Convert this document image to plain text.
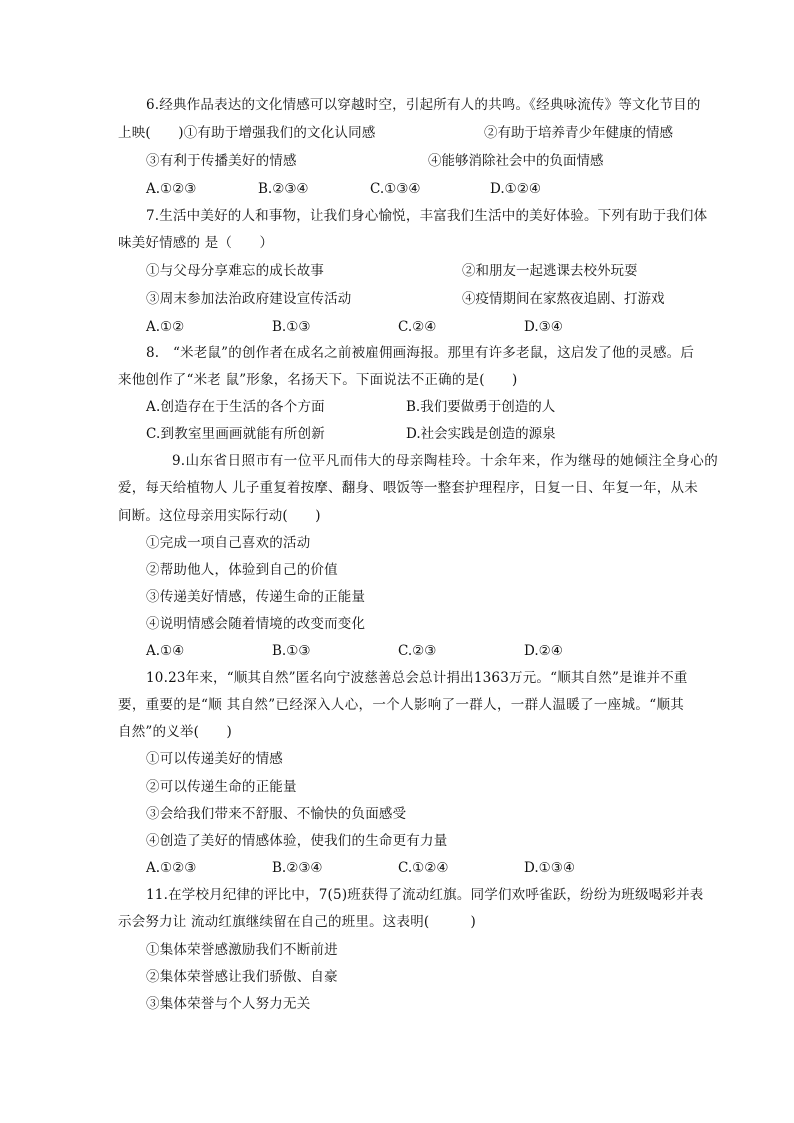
6.经典作品表达的文化情感可以穿越时空，引起所有人的共鸣。《经典咏流传》等文化节目的
上映(　　)①有助于增强我们的文化认同感	②有助于培养青少年健康的情感
③有利于传播美好的情感	④能够消除社会中的负面情感
A.①②③	B.②③④	C.①③④	D.①②④
7.生活中美好的人和事物，让我们身心愉悦，丰富我们生活中的美好体验。下列有助于我们体
味美好情感的 是（　　）
①与父母分享难忘的成长故事	②和朋友一起逃课去校外玩耍
③周末参加法治政府建设宣传活动	④疫情期间在家熬夜追剧、打游戏
A.①②	B.①③	C.②④	D.③④
8.　“米老鼠”的创作者在成名之前被雇佣画海报。那里有许多老鼠，这启发了他的灵感。后
来他创作了“米老 鼠”形象，名扬天下。下面说法不正确的是(　　)
A.创造存在于生活的各个方面	B.我们要做勇于创造的人
C.到教室里画画就能有所创新	D.社会实践是创造的源泉
9.山东省日照市有一位平凡而伟大的母亲陶桂玲。十余年来，作为继母的她倾注全身心的
爱，每天给植物人 儿子重复着按摩、翻身、喂饭等一整套护理程序，日复一日、年复一年，从未
间断。这位母亲用实际行动(　　)
①完成一项自己喜欢的活动
②帮助他人，体验到自己的价值
③传递美好情感，传递生命的正能量
④说明情感会随着情境的改变而变化
A.①④	B.①③	C.②③	D.②④
10.23年来，“顺其自然”匿名向宁波慈善总会总计捐出1363万元。“顺其自然”是谁并不重
要，重要的是“顺 其自然”已经深入人心，一个人影响了一群人，一群人温暖了一座城。“顺其
自然”的义举(　　)
①可以传递美好的情感
②可以传递生命的正能量
③会给我们带来不舒服、不愉快的负面感受
④创造了美好的情感体验，使我们的生命更有力量
A.①②③	B.②③④	C.①②④	D.①③④
11.在学校月纪律的评比中，7(5)班获得了流动红旗。同学们欢呼雀跃，纷纷为班级喝彩并表
示会努力让 流动红旗继续留在自己的班里。这表明(　　　)
①集体荣誉感激励我们不断前进
②集体荣誉感让我们骄傲、自豪
③集体荣誉与个人努力无关
